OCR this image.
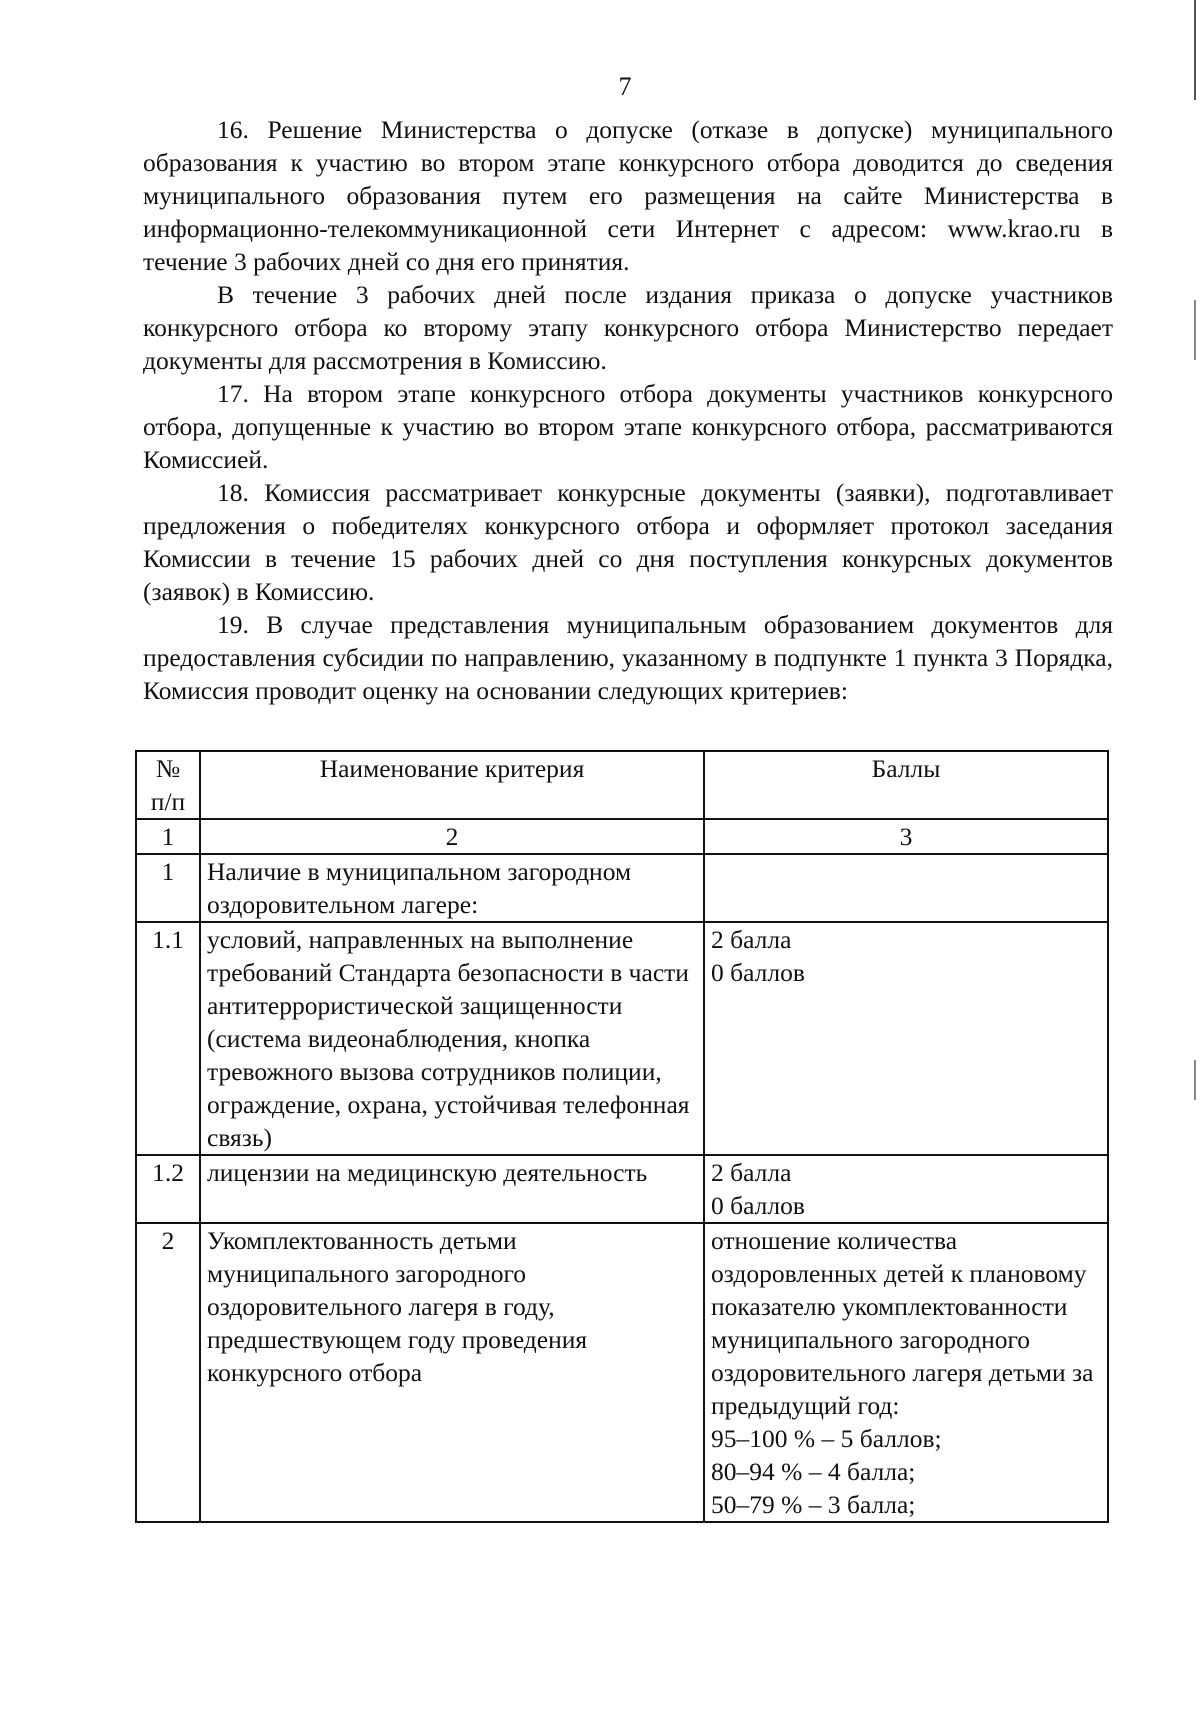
7

16. Решение Министерства о допуске (отказе в допуске) муниципального образования к участию во втором этапе конкурсного отбора доводится до сведения муниципального образования путем его размещения на сайте Министерства в информационно-телекоммуникационной сети Интернет с адресом: www.krao.ru в течение 3 рабочих дней со дня его принятия.

В течение 3 рабочих дней после издания приказа о допуске участников конкурсного отбора ко второму этапу конкурсного отбора Министерство передает документы для рассмотрения в Комиссию.

17. На втором этапе конкурсного отбора документы участников конкурсного отбора, допущенные к участию во втором этапе конкурсного отбора, рассматриваются Комиссией.

18. Комиссия рассматривает конкурсные документы (заявки), подготавливает предложения о победителях конкурсного отбора и оформляет протокол заседания Комиссии в течение 15 рабочих дней со дня поступления конкурсных документов (заявок) в Комиссию.

19. В случае представления муниципальным образованием документов для предоставления субсидии по направлению, указанному в подпункте 1 пункта 3 Порядка, Комиссия проводит оценку на основании следующих критериев:

№ п/п	Наименование критерия	Баллы
1	2	3
1	Наличие в муниципальном загородном оздоровительном лагере:	
1.1	условий, направленных на выполнение требований Стандарта безопасности в части антитеррористической защищенности (система видеонаблюдения, кнопка тревожного вызова сотрудников полиции, ограждение, охрана, устойчивая телефонная связь)	2 балла
0 баллов

1.2	лицензии на медицинскую деятельность	2 балла
0 баллов

2	Укомплектованность детьми муниципального загородного оздоровительного лагеря в году, предшествующем году проведения конкурсного отбора	отношение количества оздоровленных детей к плановому показателю укомплектованности муниципального загородного оздоровительного лагеря детьми за предыдущий год:
95–100 % – 5 баллов;
80–94 % – 4 балла;
50–79 % – 3 балла;
